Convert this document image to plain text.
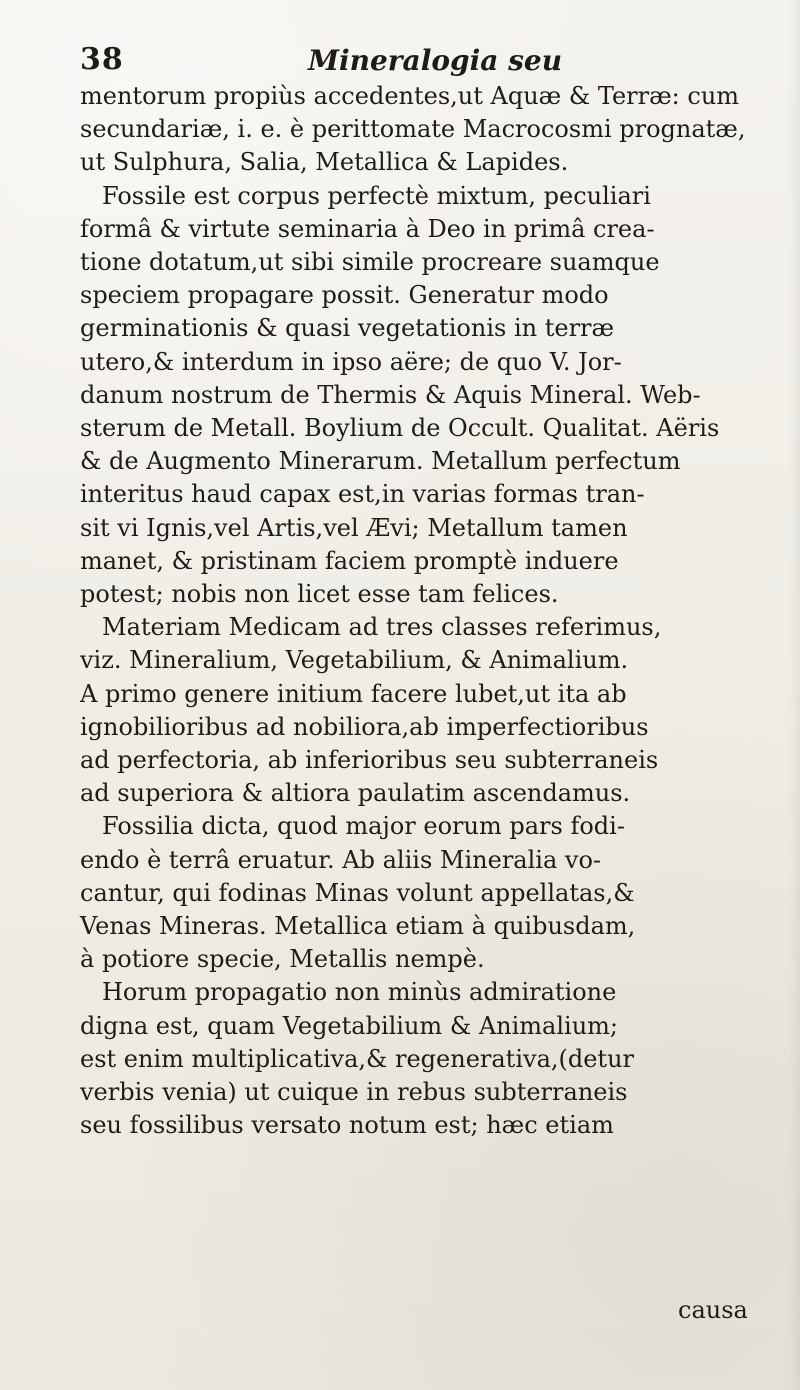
38	Mineralogia seu
mentorum propiùs accedentes,ut Aquæ & Terræ: cum
secundariæ, i. e. è perittomate Macrocosmi prognatæ,
ut Sulphura, Salia, Metallica & Lapides.
Fossile est corpus perfectè mixtum, peculiari
formâ & virtute seminaria à Deo in primâ crea-
tione dotatum,ut sibi simile procreare suamque
speciem propagare possit. Generatur modo
germinationis & quasi vegetationis in terræ
utero,& interdum in ipso aëre; de quo V. Jor-
danum nostrum de Thermis & Aquis Mineral. Web-
sterum de Metall. Boylium de Occult. Qualitat. Aëris
& de Augmento Minerarum. Metallum perfectum
interitus haud capax est,in varias formas tran-
sit vi Ignis,vel Artis,vel Ævi; Metallum tamen
manet, & pristinam faciem promptè induere
potest; nobis non licet esse tam felices.
Materiam Medicam ad tres classes referimus,
viz. Mineralium, Vegetabilium, & Animalium.
A primo genere initium facere lubet,ut ita ab
ignobilioribus ad nobiliora,ab imperfectioribus
ad perfectoria, ab inferioribus seu subterraneis
ad superiora & altiora paulatim ascendamus.
Fossilia dicta, quod major eorum pars fodi-
endo è terrâ eruatur. Ab aliis Mineralia vo-
cantur, qui fodinas Minas volunt appellatas,&
Venas Mineras. Metallica etiam à quibusdam,
à potiore specie, Metallis nempè.
Horum propagatio non minùs admiratione
digna est, quam Vegetabilium & Animalium;
est enim multiplicativa,& regenerativa,(detur
verbis venia) ut cuique in rebus subterraneis
seu fossilibus versato notum est; hæc etiam
causa
